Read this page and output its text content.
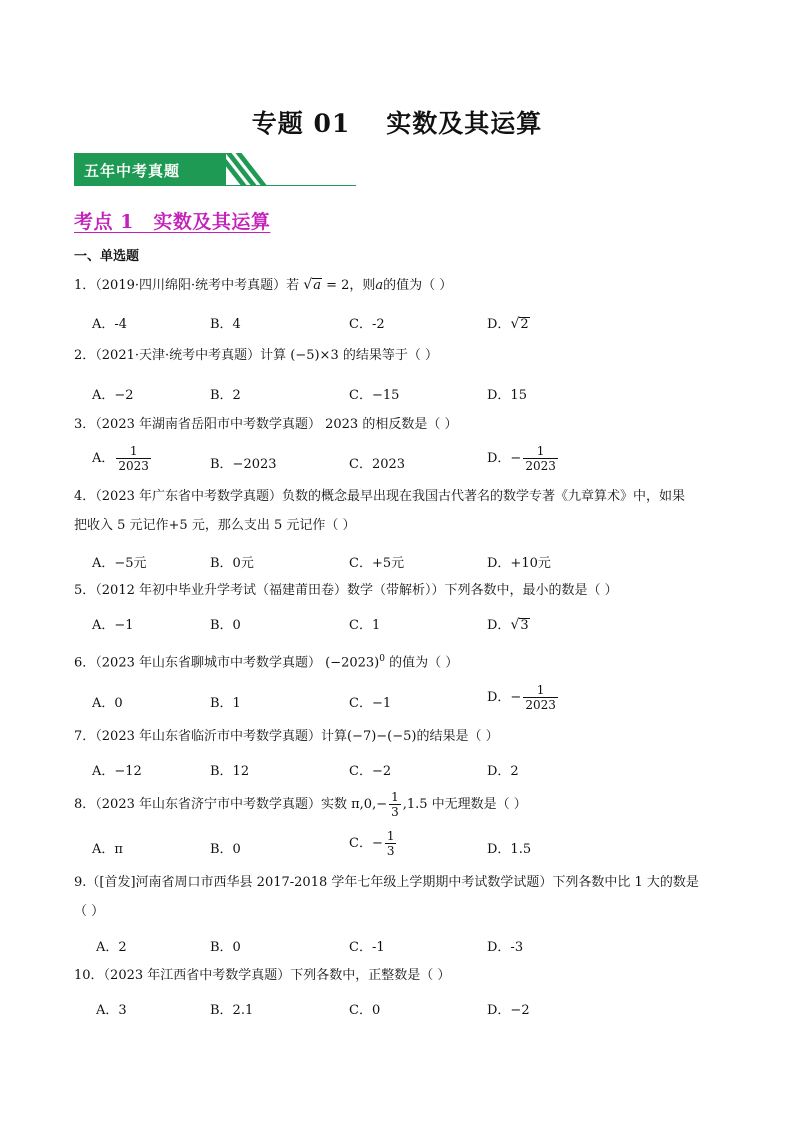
专题 01 实数及其运算
五年中考真题
考点 1　实数及其运算
一、单选题
1．（2019·四川绵阳·统考中考真题）若 √a = 2，则a的值为（ ）
A．-4	B．4	C．-2	D．√2
2．（2021·天津·统考中考真题）计算 (−5)×3 的结果等于（ ）
A．−2	B．2	C．−15	D．15
3．（2023 年湖南省岳阳市中考数学真题） 2023 的相反数是（ ）
A． $\frac{1}{2023}$	B．−2023	C．2023	D．− $\frac{1}{2023}$
4．（2023 年广东省中考数学真题）负数的概念最早出现在我国古代著名的数学专著《九章算术》中，如果
把收入 5 元记作+5 元，那么支出 5 元记作（ ）
A．−5元	B．0元	C．+5元	D．+10元
5．（2012 年初中毕业升学考试（福建莆田卷）数学（带解析））下列各数中，最小的数是（ ）
A．−1	B．0	C．1	D．√3
6．（2023 年山东省聊城市中考数学真题） $(-2023)^0$ 的值为（ ）
A．0	B．1	C．−1	D．− $\frac{1}{2023}$
7．（2023 年山东省临沂市中考数学真题）计算(−7)−(−5)的结果是（ ）
A．−12	B．12	C．−2	D．2
8．（2023 年山东省济宁市中考数学真题）实数 $\pi,0,- \frac{1}{3} ,1.5$ 中无理数是（ ）
A．π	B．0	C．− $\frac{1}{3}$	D．1.5
9.（[首发]河南省周口市西华县 2017-2018 学年七年级上学期期中考试数学试题）下列各数中比 1 大的数是
（ ）
A．2	B．0	C．-1	D．-3
10．（2023 年江西省中考数学真题）下列各数中，正整数是（ ）
A．3	B．2.1	C．0	D．−2
